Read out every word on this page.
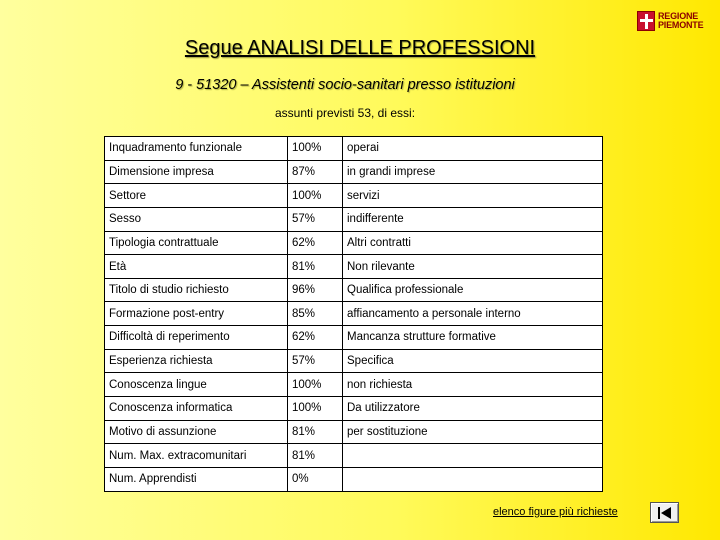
REGIONE
PIEMONTE
Segue ANALISI DELLE PROFESSIONI
9 - 51320 – Assistenti socio-sanitari presso istituzioni
assunti previsti 53, di essi:
Inquadramento funzionale	100%	operai
Dimensione impresa	87%	in grandi imprese
Settore	100%	servizi
Sesso	57%	indifferente
Tipologia contrattuale	62%	Altri contratti
Età	81%	Non rilevante
Titolo di studio richiesto	96%	Qualifica professionale
Formazione post-entry	85%	affiancamento a personale interno
Difficoltà di reperimento	62%	Mancanza strutture formative
Esperienza richiesta	57%	Specifica
Conoscenza lingue	100%	non richiesta
Conoscenza informatica	100%	Da utilizzatore
Motivo di assunzione	81%	per sostituzione
Num. Max. extracomunitari	81%	
Num. Apprendisti	0%	
elenco figure più richieste
